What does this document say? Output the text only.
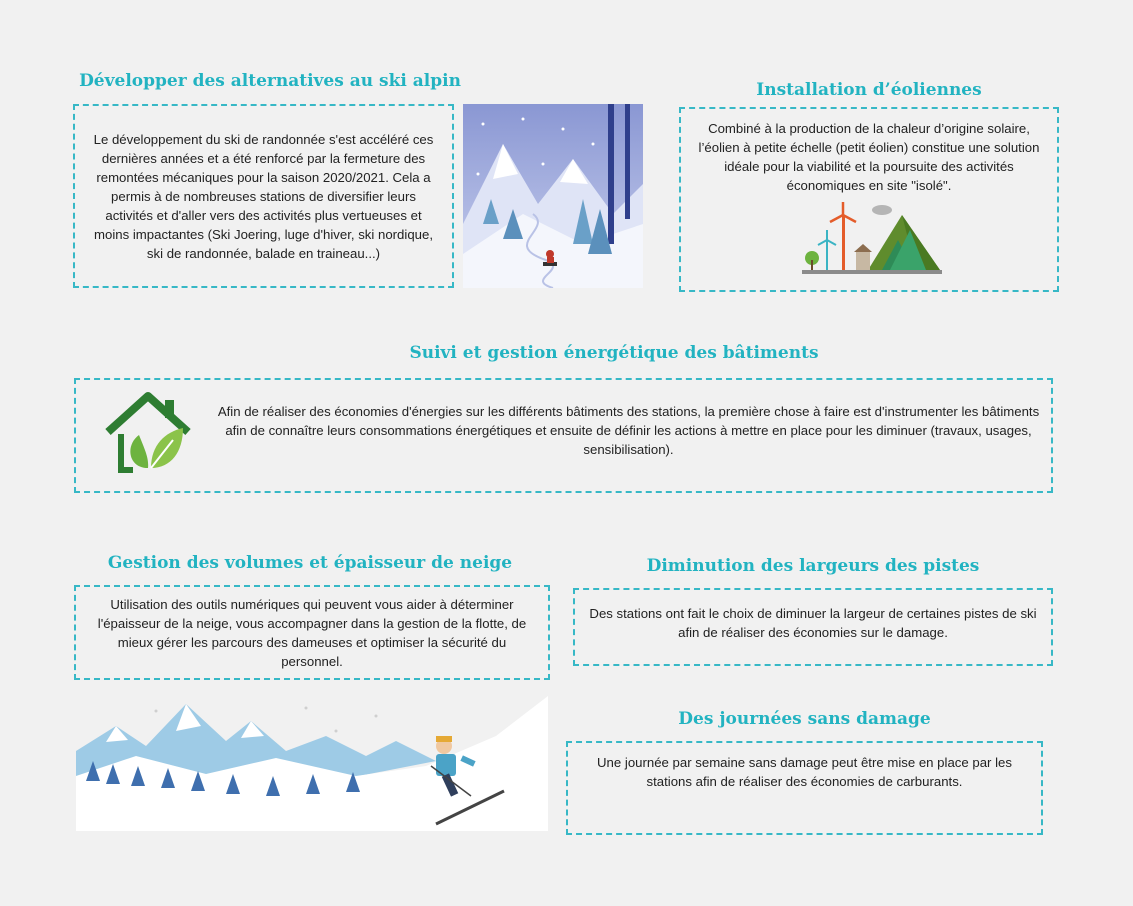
Développer des alternatives au ski alpin

Le développement du ski de randonnée s'est accéléré ces dernières années et a été renforcé par la fermeture des remontées mécaniques pour la saison 2020/2021. Cela a permis à de nombreuses stations de diversifier leurs activités et d'aller vers des activités plus vertueuses et moins impactantes (Ski Joering, luge d'hiver, ski nordique, ski de randonnée, balade en traineau...)

Installation d’éoliennes

Combiné à la production de la chaleur d’origine solaire, l’éolien à petite échelle (petit éolien) constitue une solution idéale pour la viabilité et la poursuite des activités économiques en site "isolé".

Suivi et gestion énergétique des bâtiments

Afin de réaliser des économies d'énergies sur les différents bâtiments des stations, la première chose à faire est d'instrumenter les bâtiments afin de connaître leurs consommations énergétiques et ensuite de définir les actions à mettre en place pour les diminuer (travaux, usages, sensibilisation).

Gestion des volumes et épaisseur de neige

Utilisation des outils numériques qui peuvent vous aider à déterminer l'épaisseur de la neige, vous accompagner dans la gestion de la flotte, de mieux gérer les parcours des dameuses et optimiser la sécurité du personnel.

Diminution des largeurs des pistes

Des stations ont fait le choix de diminuer la largeur de certaines pistes de ski afin de réaliser des économies sur le damage.

Des journées sans damage

Une journée par semaine sans damage peut être mise en place par les stations afin de réaliser des économies de carburants.
